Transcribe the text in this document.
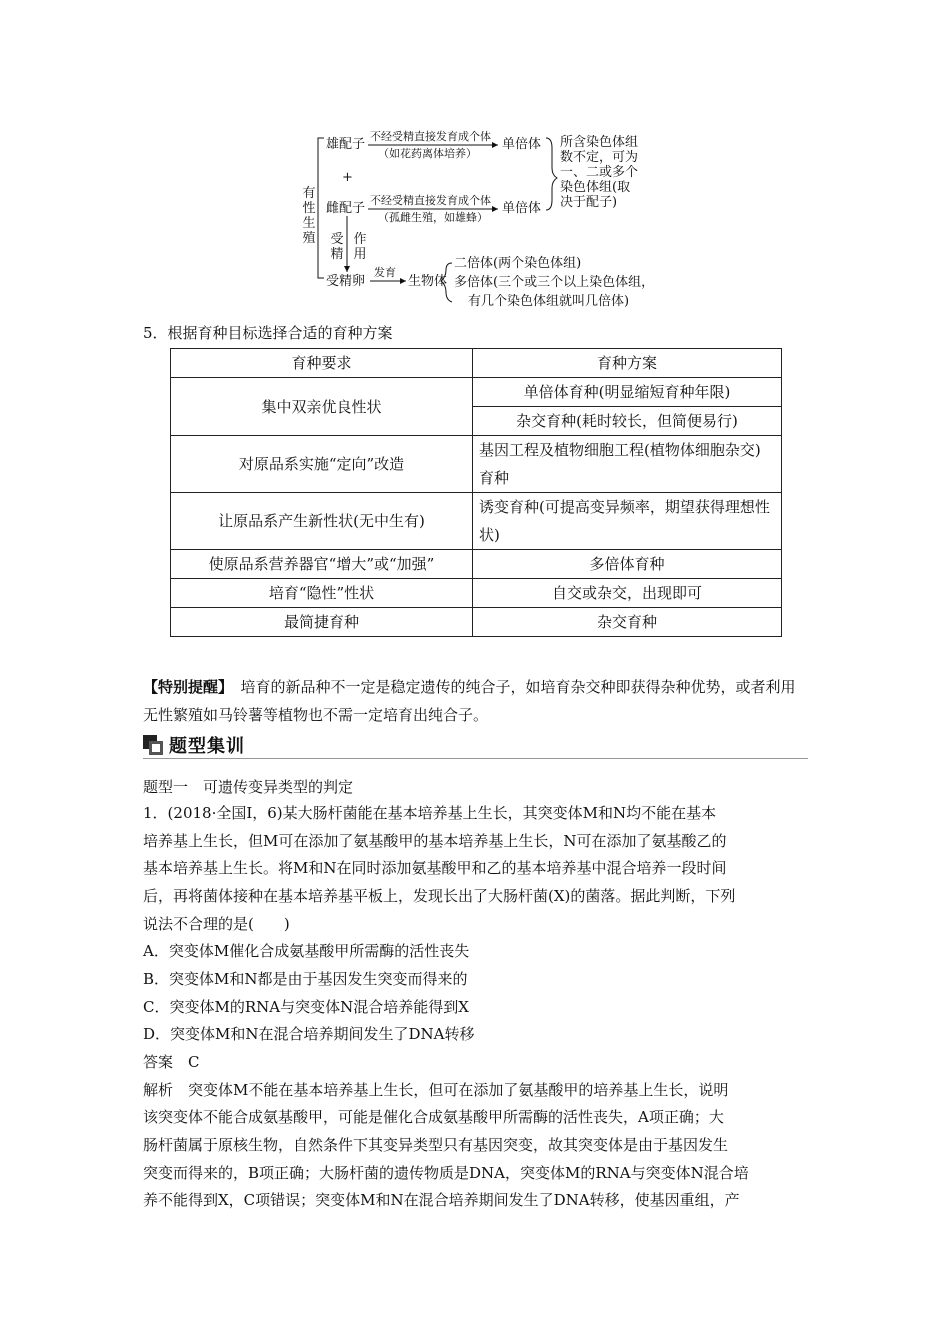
有
性
生
殖
雄配子
+
雌配子
不经受精直接发育成个体
（如花药离体培养）
不经受精直接发育成个体
（孤雌生殖，如雄蜂）
单倍体
单倍体
所含染色体组
数不定，可为
一、二或多个
染色体组(取
决于配子)
受
精
作
用
受精卵
发育
生物体
二倍体(两个染色体组)
多倍体(三个或三个以上染色体组，
有几个染色体组就叫几倍体)
5．根据育种目标选择合适的育种方案
育种要求	育种方案
集中双亲优良性状	单倍体育种(明显缩短育种年限)
	杂交育种(耗时较长，但简便易行)
对原品系实施“定向”改造	基因工程及植物细胞工程(植物体细胞杂交)育种
让原品系产生新性状(无中生有)	诱变育种(可提高变异频率，期望获得理想性状)
使原品系营养器官“增大”或“加强”	多倍体育种
培育“隐性”性状	自交或杂交，出现即可
最简捷育种	杂交育种
【特别提醒】　 培育的新品种不一定是稳定遗传的纯合子，如培育杂交种即获得杂种优势，或者利用无性繁殖如马铃薯等植物也不需一定培育出纯合子。
题型集训
题型一　可遗传变异类型的判定
1．(2018·全国Ⅰ，6)某大肠杆菌能在基本培养基上生长，其突变体M和N均不能在基本
培养基上生长，但M可在添加了氨基酸甲的基本培养基上生长，N可在添加了氨基酸乙的
基本培养基上生长。将M和N在同时添加氨基酸甲和乙的基本培养基中混合培养一段时间
后，再将菌体接种在基本培养基平板上，发现长出了大肠杆菌(X)的菌落。据此判断，下列
说法不合理的是(　　)
A．突变体M催化合成氨基酸甲所需酶的活性丧失
B．突变体M和N都是由于基因发生突变而得来的
C．突变体M的RNA与突变体N混合培养能得到X
D．突变体M和N在混合培养期间发生了DNA转移
答案　C
解析　突变体M不能在基本培养基上生长，但可在添加了氨基酸甲的培养基上生长，说明
该突变体不能合成氨基酸甲，可能是催化合成氨基酸甲所需酶的活性丧失，A项正确；大
肠杆菌属于原核生物，自然条件下其变异类型只有基因突变，故其突变体是由于基因发生
突变而得来的，B项正确；大肠杆菌的遗传物质是DNA，突变体M的RNA与突变体N混合培
养不能得到X，C项错误；突变体M和N在混合培养期间发生了DNA转移，使基因重组，产
